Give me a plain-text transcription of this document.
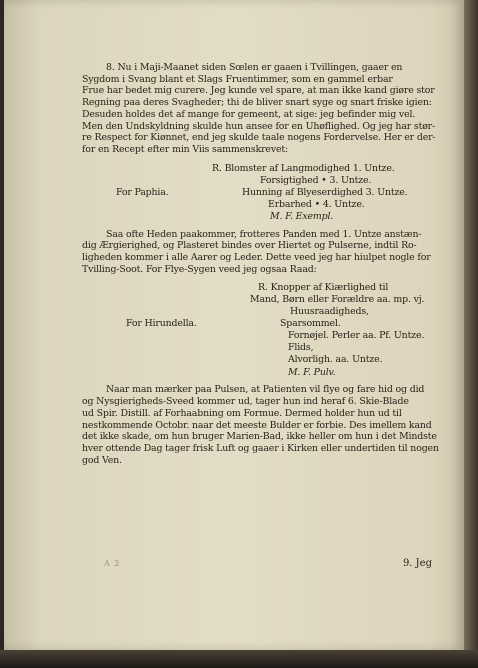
8. Nu i Maji-Maanet siden Sœlen er gaaen i Tvillingen, gaaer en

Sygdom i Svang blant et Slags Fruentimmer, som en gammel erbar

Frue har bedet mig curere. Jeg kunde vel spare, at man ikke kand giøre stor

Regning paa deres Svagheder; thi de bliver snart syge og snart friske igien:

Desuden holdes det af mange for gemeent, at sige: jeg befinder mig vel.

Men den Undskyldning skulde hun ansee for en Uhøflighed. Og jeg har stør-

re Respect for Kiønnet, end jeg skulde taale nogens Fordervelse. Her er der-

for en Recept efter min Viis sammenskrevet:

R. Blomster af Langmodighed 1. Untze.
Forsigtighed • 3. Untze.
Hunning af Blyeserdighed 3. Untze.
For Paphia.
Erbarhed • 4. Untze.
M. F. Exempl.

Saa ofte Heden paakommer, frotteres Panden med 1. Untze anstæn-

dig Ærgierighed, og Plasteret bindes over Hiertet og Pulserne, indtil Ro-

ligheden kommer i alle Aarer og Leder. Dette veed jeg har hiulpet nogle for

Tvilling-Soot. For Flye-Sygen veed jeg ogsaa Raad:

R. Knopper af Kiærlighed til
Mand, Børn eller Forældre aa. mp. vj.
Huusraadigheds,
For Hirundella.	Sparsommel.
Fornøjel. Perler aa. Pf. Untze.
Flids,
Alvorligh. aa. Untze.
M. F. Pulv.

Naar man mærker paa Pulsen, at Patienten vil flye og fare hid og did

og Nysgierigheds-Sveed kommer ud, tager hun ind heraf 6. Skie-Blade

ud Spir. Distill. af Forhaabning om Formue. Dermed holder hun ud til

nestkommende Octobr. naar det meeste Bulder er forbie. Des imellem kand

det ikke skade, om hun bruger Marien-Bad, ikke heller om hun i det Mindste

hver ottende Dag tager frisk Luft og gaaer i Kirken eller undertiden til nogen

god Ven.

A 2	9. Jeg
